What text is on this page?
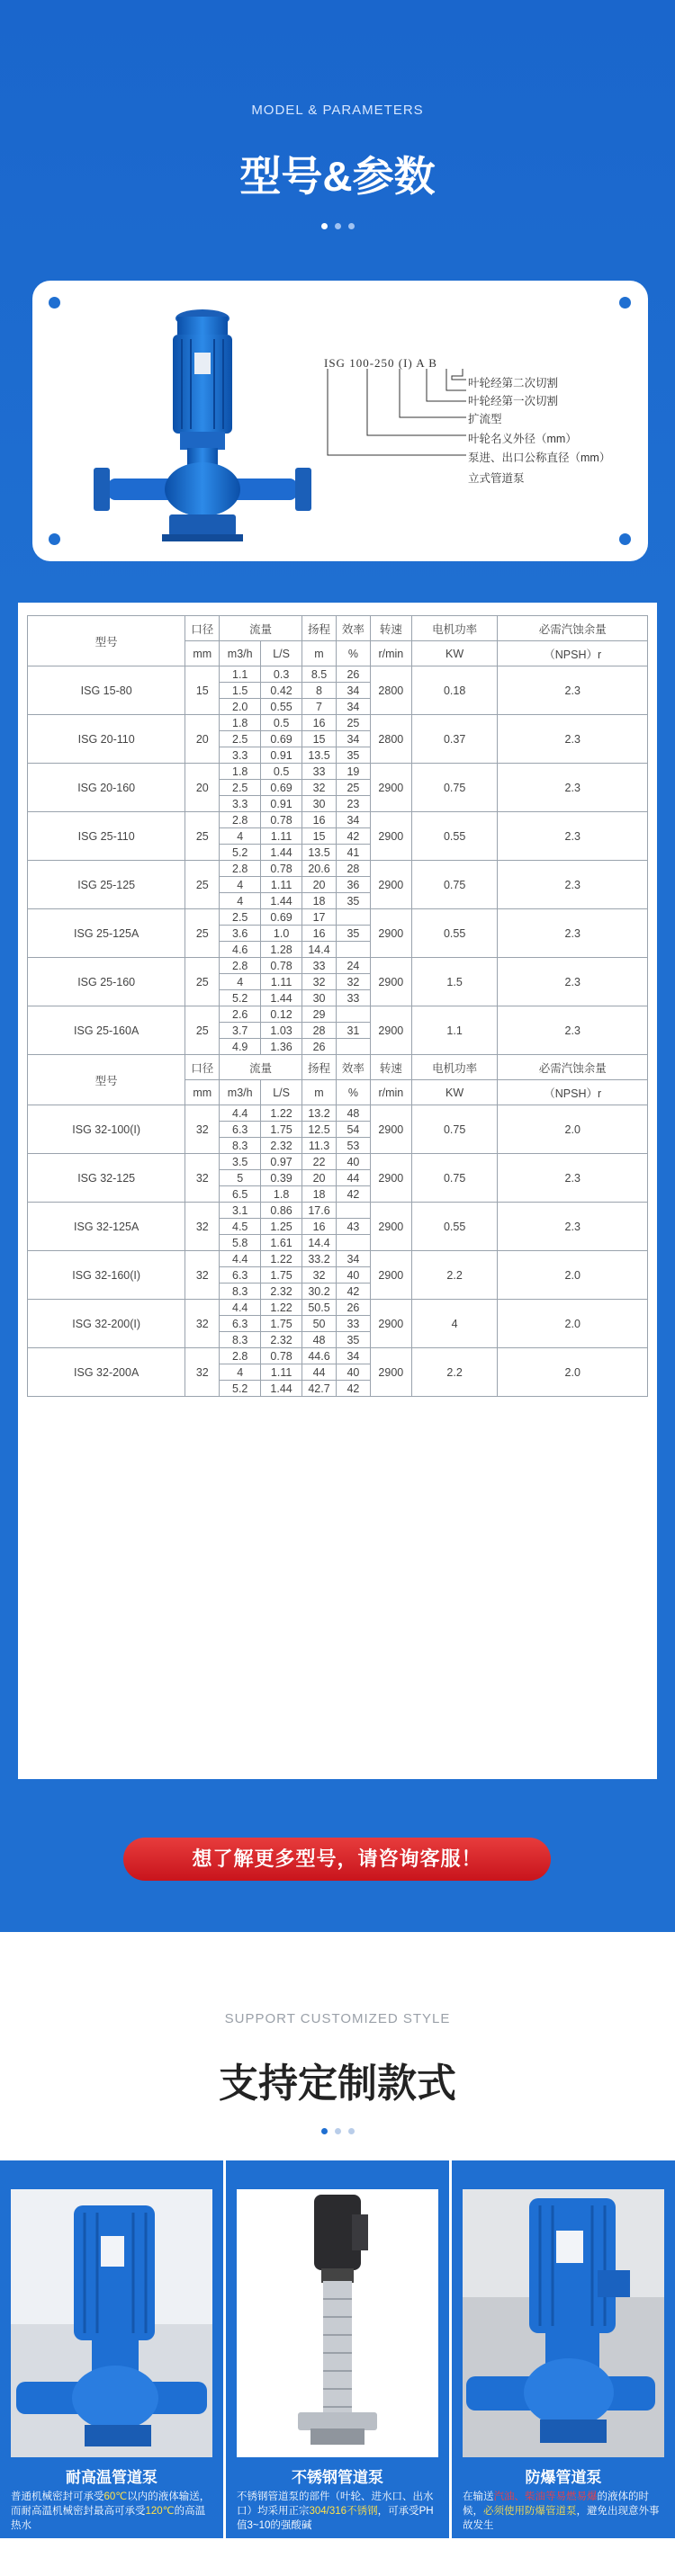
MODEL & PARAMETERS
型号&参数
ISG 100-250 (I) A B
叶轮经第二次切割
叶轮经第一次切割
扩流型
叶轮名义外径（mm）
泵进、出口公称直径（mm）
立式管道泵
型号	口径	流量		扬程	效率	转速	电机功率	必需汽蚀余量
	mm	m3/h	L/S	m	%	r/min	KW	（NPSH）r
ISG 15-80	15	1.1	0.3	8.5	26	2800	0.18	2.3
		1.5	0.42	8	34			
		2.0	0.55	7	34			
ISG 20-110	20	1.8	0.5	16	25	2800	0.37	2.3
		2.5	0.69	15	34			
		3.3	0.91	13.5	35			
ISG 20-160	20	1.8	0.5	33	19	2900	0.75	2.3
		2.5	0.69	32	25			
		3.3	0.91	30	23			
ISG 25-110	25	2.8	0.78	16	34	2900	0.55	2.3
		4	1.11	15	42			
		5.2	1.44	13.5	41			
ISG 25-125	25	2.8	0.78	20.6	28	2900	0.75	2.3
		4	1.11	20	36			
		4	1.44	18	35			
ISG 25-125A	25	2.5	0.69	17		2900	0.55	2.3
		3.6	1.0	16	35			
		4.6	1.28	14.4				
ISG 25-160	25	2.8	0.78	33	24	2900	1.5	2.3
		4	1.11	32	32			
		5.2	1.44	30	33			
ISG 25-160A	25	2.6	0.12	29		2900	1.1	2.3
		3.7	1.03	28	31			
		4.9	1.36	26				
型号	口径	流量		扬程	效率	转速	电机功率	必需汽蚀余量
	mm	m3/h	L/S	m	%	r/min	KW	（NPSH）r
ISG 32-100(I)	32	4.4	1.22	13.2	48	2900	0.75	2.0
		6.3	1.75	12.5	54			
		8.3	2.32	11.3	53			
ISG 32-125	32	3.5	0.97	22	40	2900	0.75	2.3
		5	0.39	20	44			
		6.5	1.8	18	42			
ISG 32-125A	32	3.1	0.86	17.6		2900	0.55	2.3
		4.5	1.25	16	43			
		5.8	1.61	14.4				
ISG 32-160(I)	32	4.4	1.22	33.2	34	2900	2.2	2.0
		6.3	1.75	32	40			
		8.3	2.32	30.2	42			
ISG 32-200(I)	32	4.4	1.22	50.5	26	2900	4	2.0
		6.3	1.75	50	33			
		8.3	2.32	48	35			
ISG 32-200A	32	2.8	0.78	44.6	34	2900	2.2	2.0
		4	1.11	44	40			
		5.2	1.44	42.7	42			
想了解更多型号，请咨询客服！
SUPPORT CUSTOMIZED STYLE
支持定制款式
耐高温管道泵
普通机械密封可承受60℃以内的液体输送，而耐高温机械密封最高可承受120℃的高温热水
不锈钢管道泵
不锈钢管道泵的部件（叶轮、进水口、出水口）均采用正宗304/316不锈钢，可承受PH值3~10的强酸碱
防爆管道泵
在输送汽油、柴油等易燃易爆的液体的时候，必须使用防爆管道泵，避免出现意外事故发生
